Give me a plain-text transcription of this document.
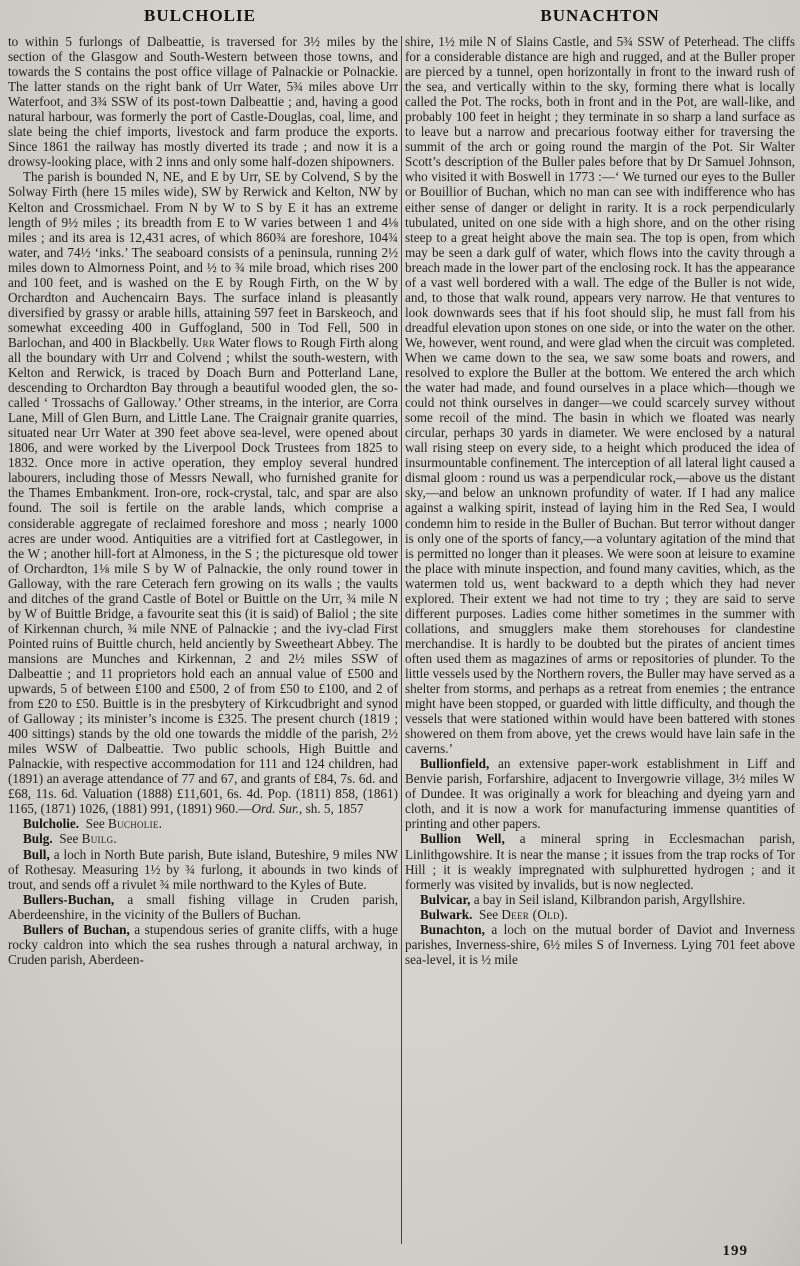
BULCHOLIE	BUNACHTON

to within 5 furlongs of Dalbeattie, is traversed for 3½ miles by the section of the Glasgow and South-Western between those towns, and towards the S contains the post office village of Palnackie or Polnackie. The latter stands on the right bank of Urr Water, 5¾ miles above Urr Waterfoot, and 3¾ SSW of its post-town Dalbeattie ; and, having a good natural harbour, was formerly the port of Castle-Douglas, coal, lime, and slate being the chief imports, livestock and farm produce the exports. Since 1861 the railway has mostly diverted its trade ; and now it is a drowsy-looking place, with 2 inns and only some half-dozen shipowners.

The parish is bounded N, NE, and E by Urr, SE by Colvend, S by the Solway Firth (here 15 miles wide), SW by Rerwick and Kelton, NW by Kelton and Crossmichael. From N by W to S by E it has an extreme length of 9½ miles ; its breadth from E to W varies between 1 and 4⅛ miles ; and its area is 12,431 acres, of which 860¾ are foreshore, 104¾ water, and 74½ ‘inks.’ The seaboard consists of a peninsula, running 2½ miles down to Almorness Point, and ½ to ¾ mile broad, which rises 200 and 100 feet, and is washed on the E by Rough Firth, on the W by Orchardton and Auchencairn Bays. The surface inland is pleasantly diversified by grassy or arable hills, attaining 597 feet in Barskeoch, and somewhat exceeding 400 in Guffogland, 500 in Tod Fell, 500 in Barlochan, and 400 in Blackbelly. Urr Water flows to Rough Firth along all the boundary with Urr and Colvend ; whilst the south-western, with Kelton and Rerwick, is traced by Doach Burn and Potterland Lane, descending to Orchardton Bay through a beautiful wooded glen, the so-called ‘ Trossachs of Galloway.’ Other streams, in the interior, are Corra Lane, Mill of Glen Burn, and Little Lane. The Craignair granite quarries, situated near Urr Water at 390 feet above sea-level, were opened about 1806, and were worked by the Liverpool Dock Trustees from 1825 to 1832. Once more in active operation, they employ several hundred labourers, including those of Messrs Newall, who furnished granite for the Thames Embankment. Iron-ore, rock-crystal, talc, and spar are also found. The soil is fertile on the arable lands, which comprise a considerable aggregate of reclaimed foreshore and moss ; nearly 1000 acres are under wood. Antiquities are a vitrified fort at Castlegower, in the W ; another hill-fort at Almoness, in the S ; the picturesque old tower of Orchardton, 1⅛ mile S by W of Palnackie, the only round tower in Galloway, with the rare Ceterach fern growing on its walls ; the vaults and ditches of the grand Castle of Botel or Buittle on the Urr, ¾ mile N by W of Buittle Bridge, a favourite seat this (it is said) of Baliol ; the site of Kirkennan church, ¾ mile NNE of Palnackie ; and the ivy-clad First Pointed ruins of Buittle church, held anciently by Sweetheart Abbey. The mansions are Munches and Kirkennan, 2 and 2½ miles SSW of Dalbeattie ; and 11 proprietors hold each an annual value of £500 and upwards, 5 of between £100 and £500, 2 of from £50 to £100, and 2 of from £20 to £50. Buittle is in the presbytery of Kirkcudbright and synod of Galloway ; its minister’s income is £325. The present church (1819 ; 400 sittings) stands by the old one towards the middle of the parish, 2½ miles WSW of Dalbeattie. Two public schools, High Buittle and Palnackie, with respective accommodation for 111 and 124 children, had (1891) an average attendance of 77 and 67, and grants of £84, 7s. 6d. and £68, 11s. 6d. Valuation (1888) £11,601, 6s. 4d. Pop. (1811) 858, (1861) 1165, (1871) 1026, (1881) 991, (1891) 960.—Ord. Sur., sh. 5, 1857

Bulcholie.  See Bucholie.

Bulg.  See Builg.

Bull, a loch in North Bute parish, Bute island, Buteshire, 9 miles NW of Rothesay. Measuring 1½ by ¾ furlong, it abounds in two kinds of trout, and sends off a rivulet ¾ mile northward to the Kyles of Bute.

Bullers-Buchan, a small fishing village in Cruden parish, Aberdeenshire, in the vicinity of the Bullers of Buchan.

Bullers of Buchan, a stupendous series of granite cliffs, with a huge rocky caldron into which the sea rushes through a natural archway, in Cruden parish, Aberdeen-

shire, 1½ mile N of Slains Castle, and 5¾ SSW of Peterhead. The cliffs for a considerable distance are high and rugged, and at the Buller proper are pierced by a tunnel, open horizontally in front to the inward rush of the sea, and vertically within to the sky, forming there what is locally called the Pot. The rocks, both in front and in the Pot, are wall-like, and probably 100 feet in height ; they terminate in so sharp a land surface as to leave but a narrow and precarious footway either for traversing the summit of the arch or going round the margin of the Pot. Sir Walter Scott’s description of the Buller pales before that by Dr Samuel Johnson, who visited it with Boswell in 1773 :—‘ We turned our eyes to the Buller or Bouillior of Buchan, which no man can see with indifference who has either sense of danger or delight in rarity. It is a rock perpendicularly tubulated, united on one side with a high shore, and on the other rising steep to a great height above the main sea. The top is open, from which may be seen a dark gulf of water, which flows into the cavity through a breach made in the lower part of the enclosing rock. It has the appearance of a vast well bordered with a wall. The edge of the Buller is not wide, and, to those that walk round, appears very narrow. He that ventures to look downwards sees that if his foot should slip, he must fall from his dreadful elevation upon stones on one side, or into the water on the other. We, however, went round, and were glad when the circuit was completed. When we came down to the sea, we saw some boats and rowers, and resolved to explore the Buller at the bottom. We entered the arch which the water had made, and found ourselves in a place which—though we could not think ourselves in danger—we could scarcely survey without some recoil of the mind. The basin in which we floated was nearly circular, perhaps 30 yards in diameter. We were enclosed by a natural wall rising steep on every side, to a height which produced the idea of insurmountable confinement. The interception of all lateral light caused a dismal gloom : round us was a perpendicular rock,—above us the distant sky,—and below an unknown profundity of water. If I had any malice against a walking spirit, instead of laying him in the Red Sea, I would condemn him to reside in the Buller of Buchan. But terror without danger is only one of the sports of fancy,—a voluntary agitation of the mind that is permitted no longer than it pleases. We were soon at leisure to examine the place with minute inspection, and found many cavities, which, as the watermen told us, went backward to a depth which they had never explored. Their extent we had not time to try ; they are said to serve different purposes. Ladies come hither sometimes in the summer with collations, and smugglers make them storehouses for clandestine merchandise. It is hardly to be doubted but the pirates of ancient times often used them as magazines of arms or repositories of plunder. To the little vessels used by the Northern rovers, the Buller may have served as a shelter from storms, and perhaps as a retreat from enemies ; the entrance might have been stopped, or guarded with little difficulty, and though the vessels that were stationed within would have been battered with stones showered on them from above, yet the crews would have lain safe in the caverns.’

Bullionfield, an extensive paper-work establishment in Liff and Benvie parish, Forfarshire, adjacent to Invergowrie village, 3½ miles W of Dundee. It was originally a work for bleaching and dyeing yarn and cloth, and it is now a work for manufacturing immense quantities of printing and other papers.

Bullion Well, a mineral spring in Ecclesmachan parish, Linlithgowshire. It is near the manse ; it issues from the trap rocks of Tor Hill ; it is weakly impregnated with sulphuretted hydrogen ; and it formerly was visited by invalids, but is now neglected.

Bulvicar, a bay in Seil island, Kilbrandon parish, Argyllshire.

Bulwark.  See Deer (Old).

Bunachton, a loch on the mutual border of Daviot and Inverness parishes, Inverness-shire, 6½ miles S of Inverness. Lying 701 feet above sea-level, it is ½ mile

199
